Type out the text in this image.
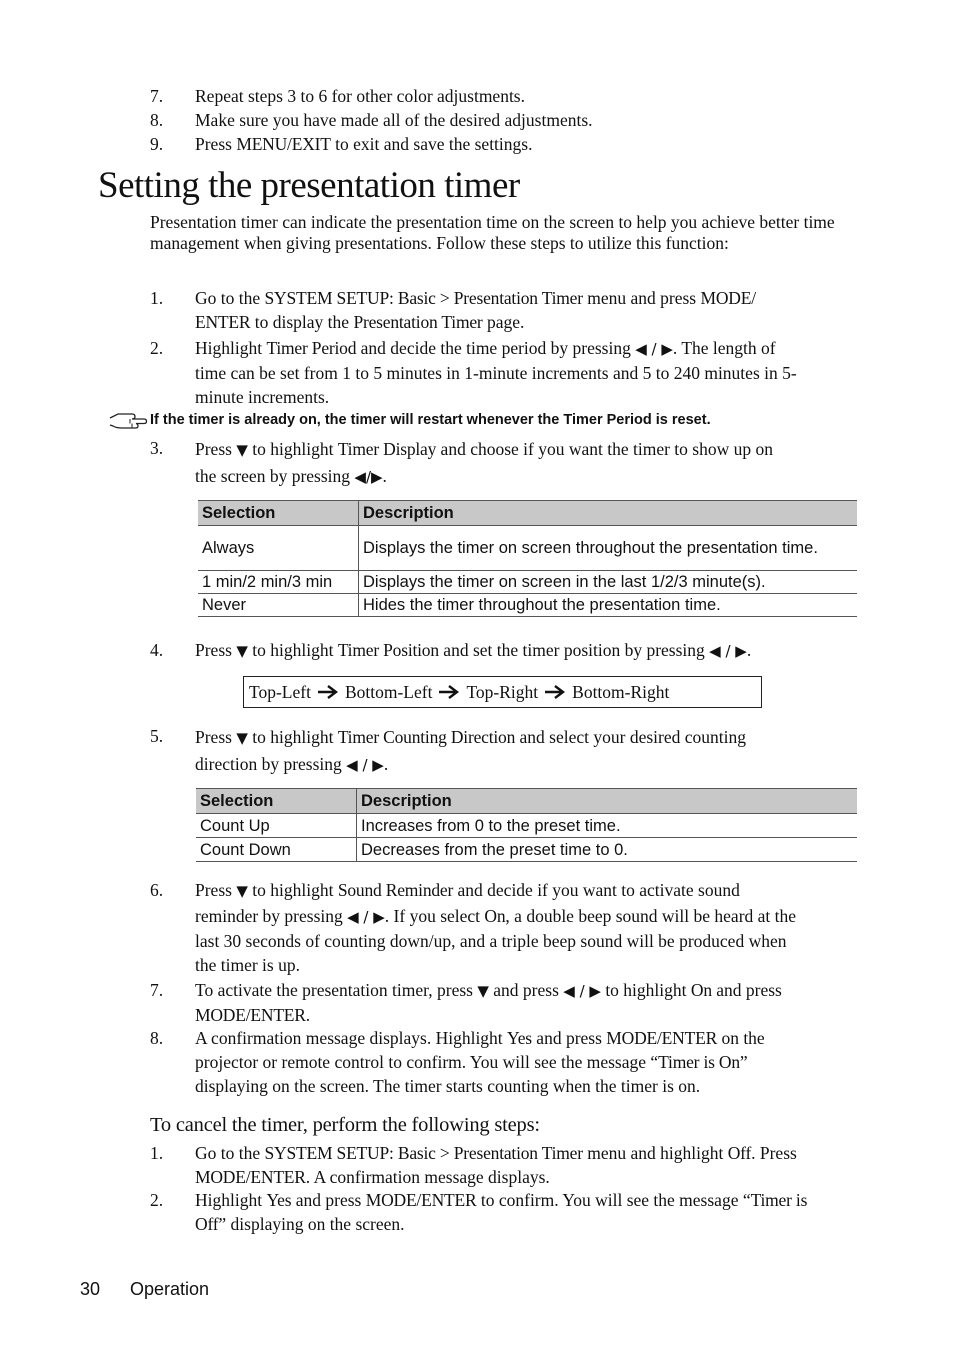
7. Repeat steps 3 to 6 for other color adjustments.
8. Make sure you have made all of the desired adjustments.
9. Press MENU/EXIT to exit and save the settings.
Setting the presentation timer
Presentation timer can indicate the presentation time on the screen to help you achieve better time management when giving presentations. Follow these steps to utilize this function:
1. Go to the SYSTEM SETUP: Basic > Presentation Timer menu and press MODE/
ENTER to display the Presentation Timer page.
2. Highlight Timer Period and decide the time period by pressing ◀ / ▶. The length of
time can be set from 1 to 5 minutes in 1-minute increments and 5 to 240 minutes in 5-
minute increments.
If the timer is already on, the timer will restart whenever the Timer Period is reset.
3. Press ▼ to highlight Timer Display and choose if you want the timer to show up on
the screen by pressing ◀/▶.
Selection	Description
Always	Displays the timer on screen throughout the presentation time.
1 min/2 min/3 min	Displays the timer on screen in the last 1/2/3 minute(s).
Never	Hides the timer throughout the presentation time.
4. Press ▼ to highlight Timer Position and set the timer position by pressing ◀ / ▶.
Top-Left Bottom-Left Top-Right Bottom-Right
5. Press ▼ to highlight Timer Counting Direction and select your desired counting
direction by pressing ◀ / ▶.
Selection	Description
Count Up	Increases from 0 to the preset time.
Count Down	Decreases from the preset time to 0.
6. Press ▼ to highlight Sound Reminder and decide if you want to activate sound
reminder by pressing ◀ / ▶. If you select On, a double beep sound will be heard at the
last 30 seconds of counting down/up, and a triple beep sound will be produced when
the timer is up.
7. To activate the presentation timer, press ▼ and press ◀ / ▶ to highlight On and press
MODE/ENTER.
8. A confirmation message displays. Highlight Yes and press MODE/ENTER on the
projector or remote control to confirm. You will see the message “Timer is On”
displaying on the screen. The timer starts counting when the timer is on.
To cancel the timer, perform the following steps:
1. Go to the SYSTEM SETUP: Basic > Presentation Timer menu and highlight Off. Press
MODE/ENTER. A confirmation message displays.
2. Highlight Yes and press MODE/ENTER to confirm. You will see the message “Timer is
Off” displaying on the screen.
30 Operation
